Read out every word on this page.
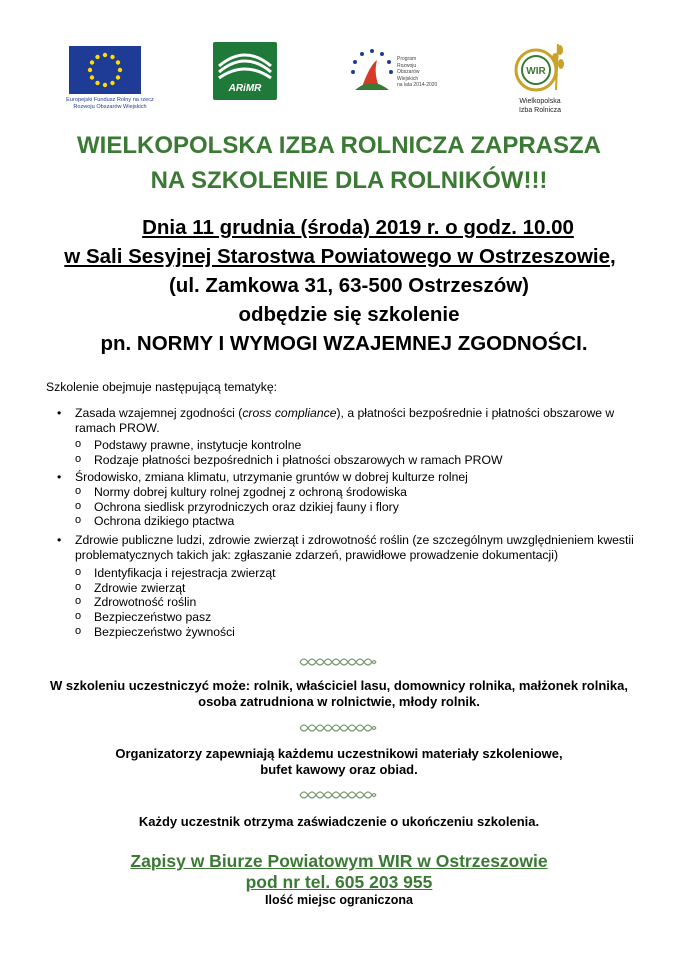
Europejski Fundusz Rolny na rzecz
Rozwoju Obszarów Wiejskich
ARiMR
Program
Rozwoju
Obszarów
Wiejskich
na lata 2014-2020
WIR
Wielkopolska
Izba Rolnicza
WIELKOPOLSKA IZBA ROLNICZA ZAPRASZA
NA SZKOLENIE DLA ROLNIKÓW!!!
Dnia 11 grudnia (środa) 2019 r. o godz. 10.00
w Sali Sesyjnej Starostwa Powiatowego w Ostrzeszowie,
(ul. Zamkowa 31, 63-500 Ostrzeszów)
odbędzie się szkolenie
pn. NORMY I WYMOGI WZAJEMNEJ ZGODNOŚCI.
Szkolenie obejmuje następującą tematykę:
• Zasada wzajemnej zgodności (cross compliance), a płatności bezpośrednie i płatności obszarowe w ramach PROW.
o Podstawy prawne, instytucje kontrolne
o Rodzaje płatności bezpośrednich i płatności obszarowych w ramach PROW
• Środowisko, zmiana klimatu, utrzymanie gruntów w dobrej kulturze rolnej
o Normy dobrej kultury rolnej zgodnej z ochroną środowiska
o Ochrona siedlisk przyrodniczych oraz dzikiej fauny i flory
o Ochrona dzikiego ptactwa
• Zdrowie publiczne ludzi, zdrowie zwierząt i zdrowotność roślin (ze szczególnym uwzględnieniem kwestii problematycznych takich jak: zgłaszanie zdarzeń, prawidłowe prowadzenie dokumentacji)
o Identyfikacja i rejestracja zwierząt
o Zdrowie zwierząt
o Zdrowotność roślin
o Bezpieczeństwo pasz
o Bezpieczeństwo żywności
W szkoleniu uczestniczyć może: rolnik, właściciel lasu, domownicy rolnika, małżonek rolnika,
osoba zatrudniona w rolnictwie, młody rolnik.
Organizatorzy zapewniają każdemu uczestnikowi materiały szkoleniowe,
bufet kawowy oraz obiad.
Każdy uczestnik otrzyma zaświadczenie o ukończeniu szkolenia.
Zapisy w Biurze Powiatowym WIR w Ostrzeszowie
pod nr tel. 605 203 955
Ilość miejsc ograniczona
